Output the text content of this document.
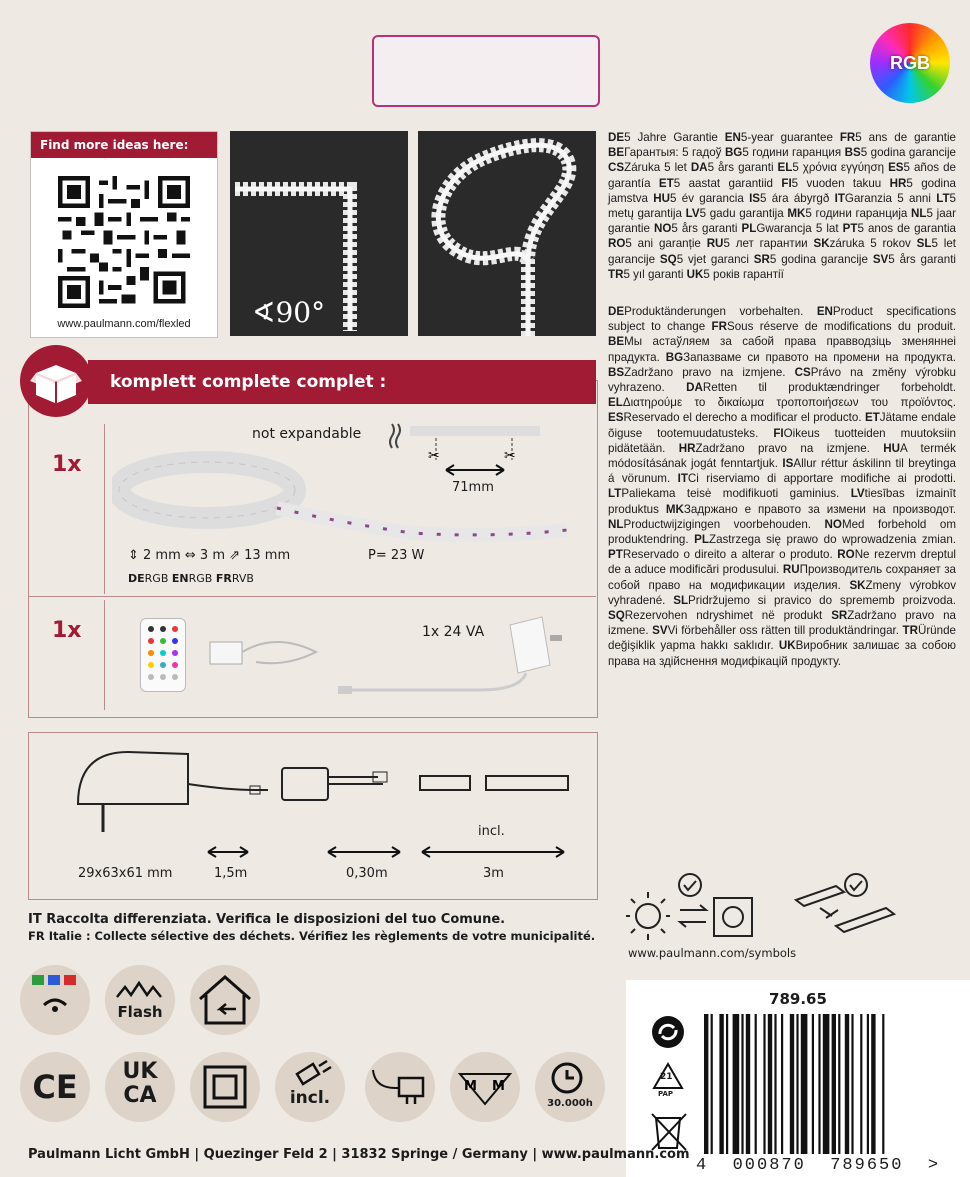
RGB
Find more ideas here:
www.paulmann.com/flexled	∢90°
DE5 Jahre Garantie EN5-year guarantee FR5 ans de garantie BEГарантыя: 5 гадоў BG5 години гаранция BS5 godina garancije CSZáruka 5 let DA5 års garanti EL5 χρόνια εγγύηση ES5 años de garantía ET5 aastat garantiid FI5 vuoden takuu HR5 godina jamstva HU5 év garancia IS5 ára ábyrgð ITGaranzia 5 anni LT5 metų garantija LV5 gadu garantija MK5 години гаранција NL5 jaar garantie NO5 års garanti PLGwarancja 5 lat PT5 anos de garantia RO5 ani garanție RU5 лет гарантии SKzáruka 5 rokov SL5 let garancije SQ5 vjet garanci SR5 godina garancije SV5 års garanti TR5 yıl garanti UK5 років гарантії
DEProduktänderungen vorbehalten. ENProduct specifications subject to change FRSous réserve de modifications du produit. BEМы астаўляем за сабой права правводзіць зменяннеі прадукта. BGЗапазваме си правото на промени на продукта. BSZadržano pravo na izmjene. CSPrávo na změny výrobku vyhrazeno. DARetten til produktændringer forbeholdt. ELΔιατηρούμε το δικαίωμα τροποποιήσεων του προϊόντος. ESReservado el derecho a modificar el producto. ETJätame endale õiguse tootemuudatusteks. FIOikeus tuotteiden muutoksiin pidätetään. HRZadržano pravo na izmjene. HUA termék módosításának jogát fenntartjuk. ISAllur réttur áskilinn til breytinga á vörunum. ITCi riserviamo di apportare modifiche ai prodotti. LTPaliekama teisė modifikuoti gaminius. LVtiesības izmainīt produktus MKЗадржано е правото за измени на производот. NLProductwijzigingen voorbehouden. NOMed forbehold om produktendring. PLZastrzega się prawo do wprowadzenia zmian. PTReservado o direito a alterar o produto. RONe rezervm dreptul de a aduce modificări produsului. RUПроизводитель сохраняет за собой право на модификации изделия. SKZmeny výrobkov vyhradené. SLPridržujemo si pravico do sprememb proizvoda. SQRezervohen ndryshimet në produkt SRZadržano pravo na izmene. SVVi förbehåller oss rätten till produktändringar. TRÜründe değişiklik yapma hakkı saklıdır. UKВиробник залишає за собою права на здійснення модифікацій продукту.
komplett complete complet :
1x
1x
not expandable
✂	✂
71mm
⇕ 2 mm ⇔ 3 m ⇗ 13 mm	P= 23 W
DERGB ENRGB FRRVB
1x 24 VA
29x63x61 mm	1,5m	0,30m
incl.
3m
IT Raccolta differenziata. Verifica le disposizioni del tuo Comune.
FR Italie : Collecte sélective des déchets. Vérifiez les règlements de votre municipalité.
www.paulmann.com/symbols
Flash
CE	UK
CA	incl.
M M
30.000h
789.65
21
PAP
4  000870  789650  >
Paulmann Licht GmbH | Quezinger Feld 2 | 31832 Springe / Germany | www.paulmann.com
